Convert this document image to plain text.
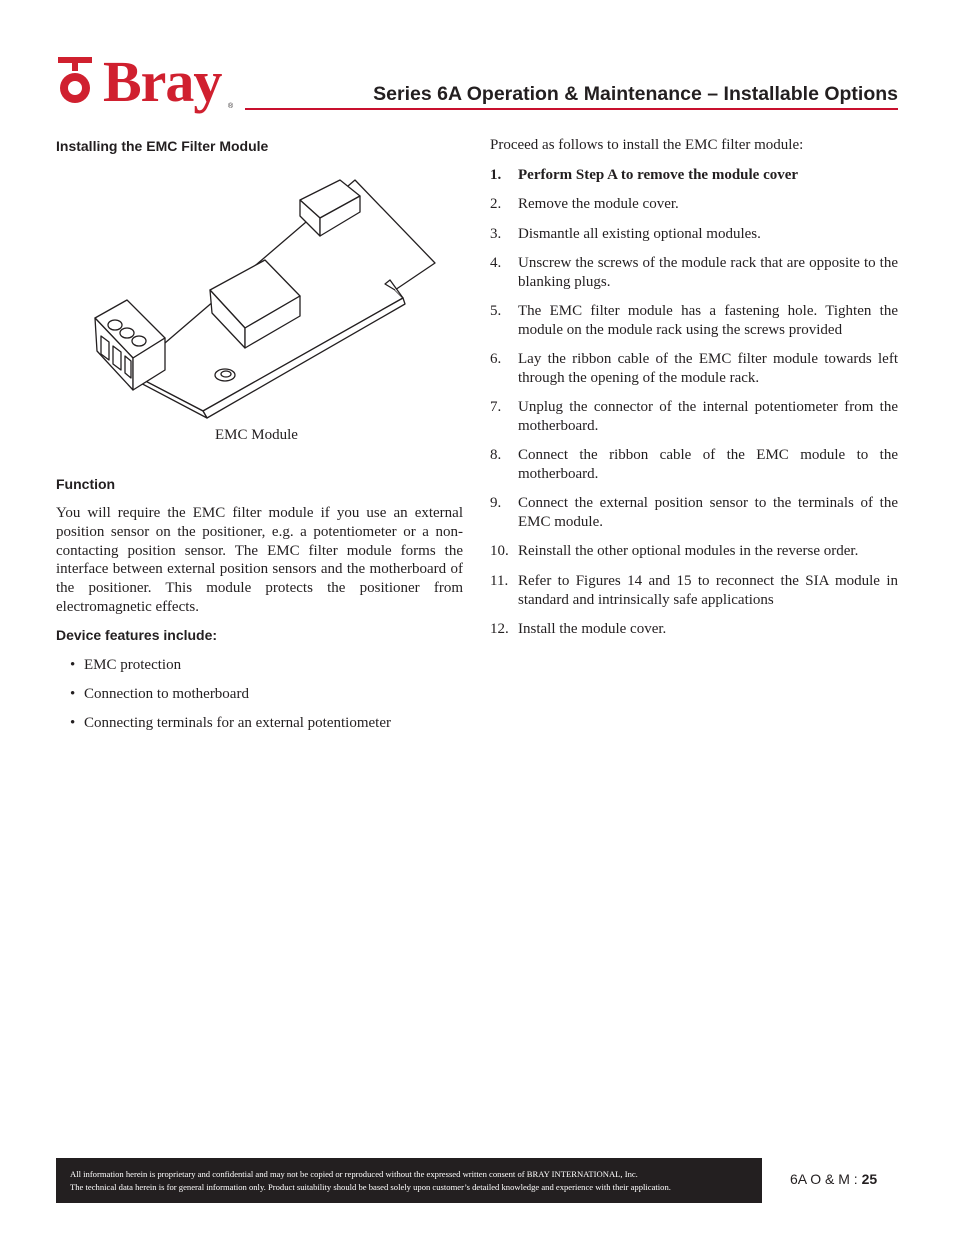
Bray ®
Series 6A Operation & Maintenance – Installable Options
Installing the EMC Filter Module
EMC Module
Function

You will require the EMC filter module if you use an external position sensor on the positioner, e.g. a potentiometer or a non-contacting position sensor. The EMC filter module forms the interface between external position sensors and the motherboard of the positioner. This module protects the positioner from electromagnetic effects.

Device features include:
• EMC protection
• Connection to motherboard
• Connecting terminals for an external potentiometer
Proceed as follows to install the EMC filter module:
1. Perform Step A to remove the module cover
2. Remove the module cover.
3. Dismantle all existing optional modules.
4. Unscrew the screws of the module rack that are opposite to the blanking plugs.
5. The EMC filter module has a fastening hole. Tighten the module on the module rack using the screws provided
6. Lay the ribbon cable of the EMC filter module towards left through the opening of the module rack.
7. Unplug the connector of the internal potentiometer from the motherboard.
8. Connect the ribbon cable of the EMC module to the motherboard.
9. Connect the external position sensor to the terminals of the EMC module.
10. Reinstall the other optional modules in the reverse order.
11. Refer to Figures 14 and 15 to reconnect the SIA module in standard and intrinsically safe applications
12. Install the module cover.
All information herein is proprietary and confidential and may not be copied or reproduced without the expressed written consent of BRAY INTERNATIONAL, Inc.
The technical data herein is for general information only. Product suitability should be based solely upon customer’s detailed knowledge and experience with their application.	6A O & M : 25
